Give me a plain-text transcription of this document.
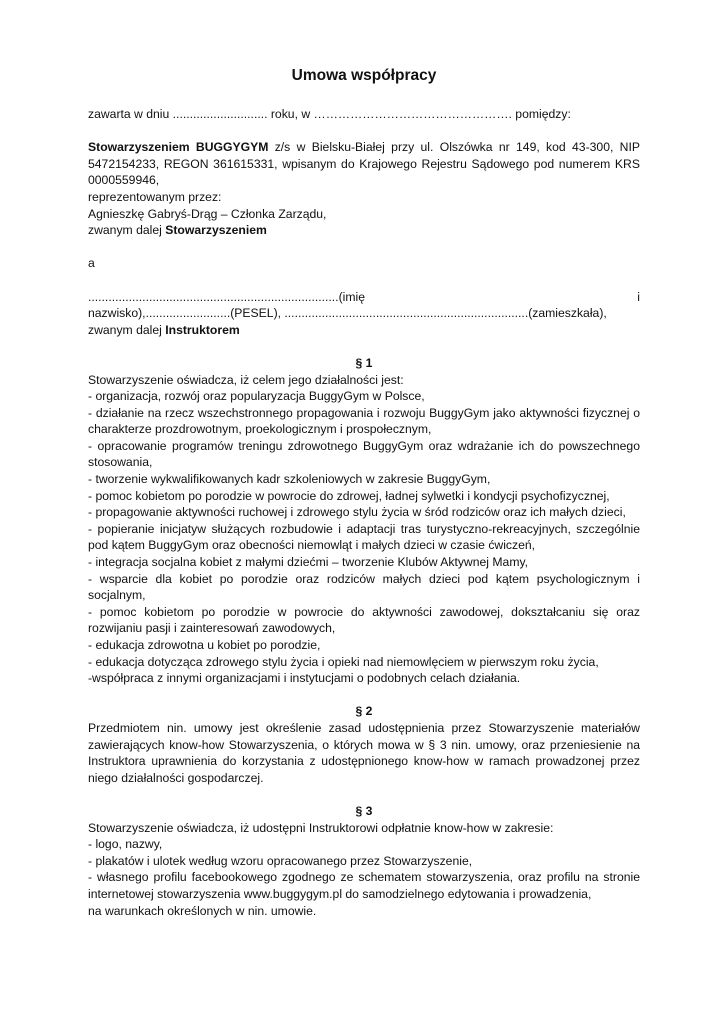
Umowa współpracy

zawarta w dniu ............................ roku, w …………………………………………. pomiędzy:

Stowarzyszeniem BUGGYGYM z/s w Bielsku-Białej przy ul. Olszówka nr 149, kod 43-300, NIP 5472154233, REGON 361615331, wpisanym do Krajowego Rejestru Sądowego pod numerem KRS 0000559946,

reprezentowanym przez:

Agnieszkę Gabryś-Drąg – Członka Zarządu,

zwanym dalej Stowarzyszeniem

a

..........................................................................(imię	i

nazwisko),.........................(PESEL), ........................................................................(zamieszkała),

zwanym dalej Instruktorem

§ 1

Stowarzyszenie oświadcza, iż celem jego działalności jest:

- organizacja, rozwój oraz popularyzacja BuggyGym w Polsce,

- działanie na rzecz wszechstronnego propagowania i rozwoju BuggyGym jako aktywności fizycznej o charakterze prozdrowotnym, proekologicznym i prospołecznym,

- opracowanie programów treningu zdrowotnego BuggyGym oraz wdrażanie ich do powszechnego stosowania,

- tworzenie wykwalifikowanych kadr szkoleniowych w zakresie BuggyGym,

- pomoc kobietom po porodzie w powrocie do zdrowej, ładnej sylwetki i kondycji psychofizycznej,

- propagowanie aktywności ruchowej i zdrowego stylu życia w śród rodziców oraz ich małych dzieci,

- popieranie inicjatyw służących rozbudowie i adaptacji tras turystyczno-rekreacyjnych, szczególnie pod kątem BuggyGym oraz obecności niemowląt i małych dzieci w czasie ćwiczeń,

- integracja socjalna kobiet z małymi dziećmi – tworzenie Klubów Aktywnej Mamy,

- wsparcie dla kobiet po porodzie oraz rodziców małych dzieci pod kątem psychologicznym i socjalnym,

- pomoc kobietom po porodzie w powrocie do aktywności zawodowej, dokształcaniu się oraz rozwijaniu pasji i zainteresowań zawodowych,

- edukacja zdrowotna u kobiet po porodzie,

- edukacja dotycząca zdrowego stylu życia i opieki nad niemowlęciem w pierwszym roku życia,

-współpraca z innymi organizacjami i instytucjami o podobnych celach działania.

§ 2

Przedmiotem nin. umowy jest określenie zasad udostępnienia przez Stowarzyszenie materiałów zawierających know-how Stowarzyszenia, o których mowa w § 3 nin. umowy, oraz przeniesienie na Instruktora uprawnienia do korzystania z udostępnionego know-how w ramach prowadzonej przez niego działalności gospodarczej.

§ 3

Stowarzyszenie oświadcza, iż udostępni Instruktorowi odpłatnie know-how w zakresie:

- logo, nazwy,

- plakatów i ulotek według wzoru opracowanego przez Stowarzyszenie,

- własnego profilu facebookowego zgodnego ze schematem stowarzyszenia, oraz profilu na stronie internetowej stowarzyszenia www.buggygym.pl do samodzielnego edytowania i prowadzenia,

na warunkach określonych w nin. umowie.
